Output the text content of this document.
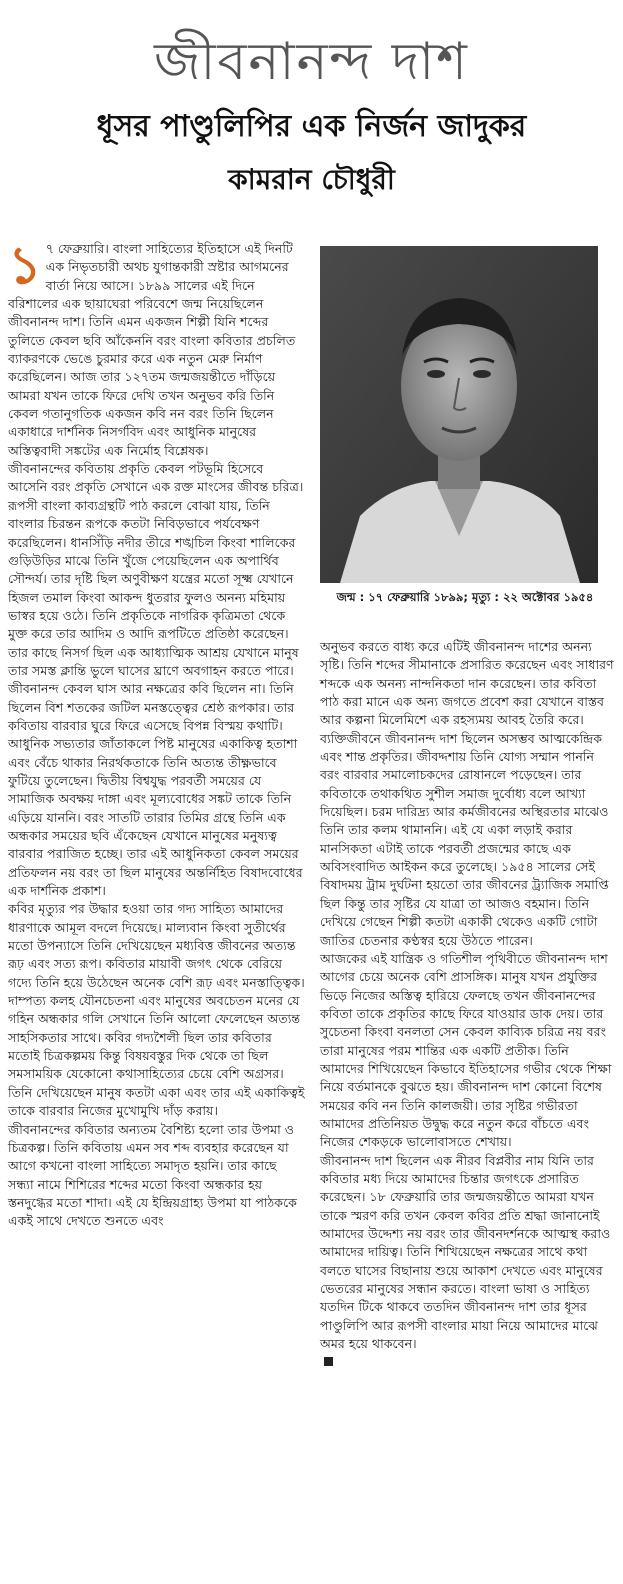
জীবনানন্দ দাশ
ধূসর পাণ্ডুলিপির এক নির্জন জাদুকর
কামরান চৌধুরী
১ ৭ ফেব্রুয়ারি। বাংলা সাহিত্যের ইতিহাসে এই দিনটি এক নিভৃতচারী অথচ যুগান্তকারী স্রষ্টার আগমনের বার্তা নিয়ে আসে। ১৮৯৯ সালের এই দিনে বরিশালের এক ছায়াঘেরা পরিবেশে জন্ম নিয়েছিলেন জীবনানন্দ দাশ। তিনি এমন একজন শিল্পী যিনি শব্দের তুলিতে কেবল ছবি আঁকেননি বরং বাংলা কবিতার প্রচলিত ব্যাকরণকে ভেঙে চুরমার করে এক নতুন মেরু নির্মাণ করেছিলেন। আজ তার ১২৭তম জন্মজয়ন্তীতে দাঁড়িয়ে আমরা যখন তাকে ফিরে দেখি তখন অনুভব করি তিনি কেবল গতানুগতিক একজন কবি নন বরং তিনি ছিলেন একাধারে দার্শনিক নিসর্গবিদ এবং আধুনিক মানুষের অস্তিত্ববাদী সঙ্কটের এক নির্মোহ বিশ্লেষক।

জীবনানন্দের কবিতায় প্রকৃতি কেবল পটভূমি হিসেবে আসেনি বরং প্রকৃতি সেখানে এক রক্ত মাংসের জীবন্ত চরিত্র। রূপসী বাংলা কাব্যগ্রন্থটি পাঠ করলে বোঝা যায়, তিনি বাংলার চিরন্তন রূপকে কতটা নিবিড়ভাবে পর্যবেক্ষণ করেছিলেন। ধানসিঁড়ি নদীর তীরে শঙ্খচিল কিংবা শালিকের গুড়িউড়ির মাঝে তিনি খুঁজে পেয়েছিলেন এক অপার্থিব সৌন্দর্য। তার দৃষ্টি ছিল অণুবীক্ষণ যন্ত্রের মতো সূক্ষ্ম যেখানে হিজল তমাল কিংবা আকন্দ ধুতরার ফুলও অনন্য মহিমায় ভাস্বর হয়ে ওঠে। তিনি প্রকৃতিকে নাগরিক কৃত্রিমতা থেকে মুক্ত করে তার আদিম ও আদি রূপটিতে প্রতিষ্ঠা করেছেন। তার কাছে নিসর্গ ছিল এক আধ্যাত্মিক আশ্রয় যেখানে মানুষ তার সমস্ত ক্লান্তি ভুলে ঘাসের ঘ্রাণে অবগাহন করতে পারে।

জীবনানন্দ কেবল ঘাস আর নক্ষত্রের কবি ছিলেন না। তিনি ছিলেন বিশ শতকের জটিল মনস্তত্ত্বের শ্রেষ্ঠ রূপকার। তার কবিতায় বারবার ঘুরে ফিরে এসেছে বিপন্ন বিস্ময় কথাটি। আধুনিক সভ্যতার জাঁতাকলে পিষ্ট মানুষের একাকিত্ব হতাশা এবং বেঁচে থাকার নিরর্থকতাকে তিনি অত্যন্ত তীক্ষ্ণভাবে ফুটিয়ে তুলেছেন। দ্বিতীয় বিশ্বযুদ্ধ পরবর্তী সময়ের যে সামাজিক অবক্ষয় দাঙ্গা এবং মূল্যবোধের সঙ্কট তাকে তিনি এড়িয়ে যাননি। বরং সাতটি তারার তিমির গ্রন্থে তিনি এক অন্ধকার সময়ের ছবি এঁকেছেন যেখানে মানুষের মনুষ্যত্ব বারবার পরাজিত হচ্ছে। তার এই আধুনিকতা কেবল সময়ের প্রতিফলন নয় বরং তা ছিল মানুষের অন্তর্নিহিত বিষাদবোধের এক দার্শনিক প্রকাশ।

কবির মৃত্যুর পর উদ্ধার হওয়া তার গদ্য সাহিত্য আমাদের ধারণাকে আমূল বদলে দিয়েছে। মাল্যবান কিংবা সুতীর্থের মতো উপন্যাসে তিনি দেখিয়েছেন মধ্যবিত্ত জীবনের অত্যন্ত রূঢ় এবং সত্য রূপ। কবিতার মায়াবী জগৎ থেকে বেরিয়ে গদ্যে তিনি হয়ে উঠেছেন অনেক বেশি রূঢ় এবং মনস্তাত্ত্বিক। দাম্পত্য কলহ যৌনচেতনা এবং মানুষের অবচেতন মনের যে গহিন অন্ধকার গলি সেখানে তিনি আলো ফেলেছেন অত্যন্ত সাহসিকতার সাথে। কবির গদ্যশৈলী ছিল তার কবিতার মতোই চিত্রকল্পময় কিন্তু বিষয়বস্তুর দিক থেকে তা ছিল সমসাময়িক যেকোনো কথাসাহিত্যের চেয়ে বেশি অগ্রসর। তিনি দেখিয়েছেন মানুষ কতটা একা এবং তার এই একাকিত্বই তাকে বারবার নিজের মুখোমুখি দাঁড় করায়।

জীবনানন্দের কবিতার অন্যতম বৈশিষ্ট্য হলো তার উপমা ও চিত্রকল্প। তিনি কবিতায় এমন সব শব্দ ব্যবহার করেছেন যা আগে কখনো বাংলা সাহিত্যে সমাদৃত হয়নি। তার কাছে সন্ধ্যা নামে শিশিরের শব্দের মতো কিংবা অন্ধকার হয় স্তনদুগ্ধের মতো শাদা। এই যে ইন্দ্রিয়গ্রাহ্য উপমা যা পাঠককে একই সাথে দেখতে শুনতে এবং

জন্ম : ১৭ ফেব্রুয়ারি ১৮৯৯; মৃত্যু : ২২ অক্টোবর ১৯৫৪

অনুভব করতে বাধ্য করে এটিই জীবনানন্দ দাশের অনন্য সৃষ্টি। তিনি শব্দের সীমানাকে প্রসারিত করেছেন এবং সাধারণ শব্দকে এক অনন্য নান্দনিকতা দান করেছেন। তার কবিতা পাঠ করা মানে এক অন্য জগতে প্রবেশ করা যেখানে বাস্তব আর কল্পনা মিলেমিশে এক রহস্যময় আবহ তৈরি করে।

ব্যক্তিজীবনে জীবনানন্দ দাশ ছিলেন অসম্ভব আত্মকেন্দ্রিক এবং শান্ত প্রকৃতির। জীবদ্দশায় তিনি যোগ্য সম্মান পাননি বরং বারবার সমালোচকদের রোষানলে পড়েছেন। তার কবিতাকে তথাকথিত সুশীল সমাজ দুর্বোধ্য বলে আখ্যা দিয়েছিল। চরম দারিদ্র্য আর কর্মজীবনের অস্থিরতার মাঝেও তিনি তার কলম থামাননি। এই যে একা লড়াই করার মানসিকতা এটাই তাকে পরবর্তী প্রজন্মের কাছে এক অবিসংবাদিত আইকন করে তুলেছে। ১৯৫৪ সালের সেই বিষাদময় ট্রাম দুর্ঘটনা হয়তো তার জীবনের ট্র্যাজিক সমাপ্তি ছিল কিন্তু তার সৃষ্টির যে যাত্রা তা আজও বহমান। তিনি দেখিয়ে গেছেন শিল্পী কতটা একাকী থেকেও একটি গোটা জাতির চেতনার কণ্ঠস্বর হয়ে উঠতে পারেন।

আজকের এই যান্ত্রিক ও গতিশীল পৃথিবীতে জীবনানন্দ দাশ আগের চেয়ে অনেক বেশি প্রাসঙ্গিক। মানুষ যখন প্রযুক্তির ভিড়ে নিজের অস্তিত্ব হারিয়ে ফেলছে তখন জীবনানন্দের কবিতা তাকে প্রকৃতির কাছে ফিরে যাওয়ার ডাক দেয়। তার সুচেতনা কিংবা বনলতা সেন কেবল কাব্যিক চরিত্র নয় বরং তারা মানুষের পরম শান্তির এক একটি প্রতীক। তিনি আমাদের শিখিয়েছেন কিভাবে ইতিহাসের গভীর থেকে শিক্ষা নিয়ে বর্তমানকে বুঝতে হয়। জীবনানন্দ দাশ কোনো বিশেষ সময়ের কবি নন তিনি কালজয়ী। তার সৃষ্টির গভীরতা আমাদের প্রতিনিয়ত উদ্বুদ্ধ করে নতুন করে বাঁচতে এবং নিজের শেকড়কে ভালোবাসতে শেখায়।

জীবনানন্দ দাশ ছিলেন এক নীরব বিপ্লবীর নাম যিনি তার কবিতার মধ্য দিয়ে আমাদের চিন্তার জগৎকে প্রসারিত করেছেন। ১৮ ফেব্রুয়ারি তার জন্মজয়ন্তীতে আমরা যখন তাকে স্মরণ করি তখন কেবল কবির প্রতি শ্রদ্ধা জানানোই আমাদের উদ্দেশ্য নয় বরং তার জীবনদর্শনকে আত্মস্থ করাও আমাদের দায়িত্ব। তিনি শিখিয়েছেন নক্ষত্রের সাথে কথা বলতে ঘাসের বিছানায় শুয়ে আকাশ দেখতে এবং মানুষের ভেতরের মানুষের সন্ধান করতে। বাংলা ভাষা ও সাহিত্য যতদিন টিকে থাকবে ততদিন জীবনানন্দ দাশ তার ধূসর পাণ্ডুলিপি আর রূপসী বাংলার মায়া নিয়ে আমাদের মাঝে অমর হয়ে থাকবেন।
